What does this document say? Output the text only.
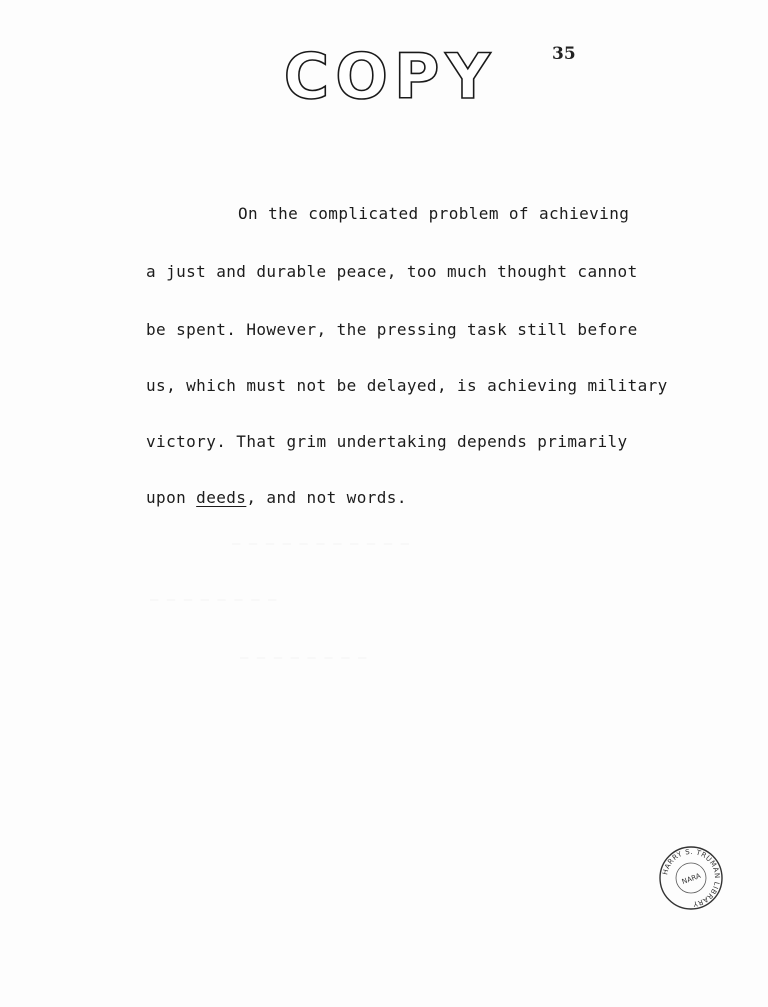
COPY	35
On the complicated problem of achieving
a just and durable peace, too much thought cannot
be spent. However, the pressing task still before
us, which must not be delayed, is achieving military
victory. That grim undertaking depends primarily
upon deeds, and not words.
HARRY S. TRUMAN LIBRARY
NARA
